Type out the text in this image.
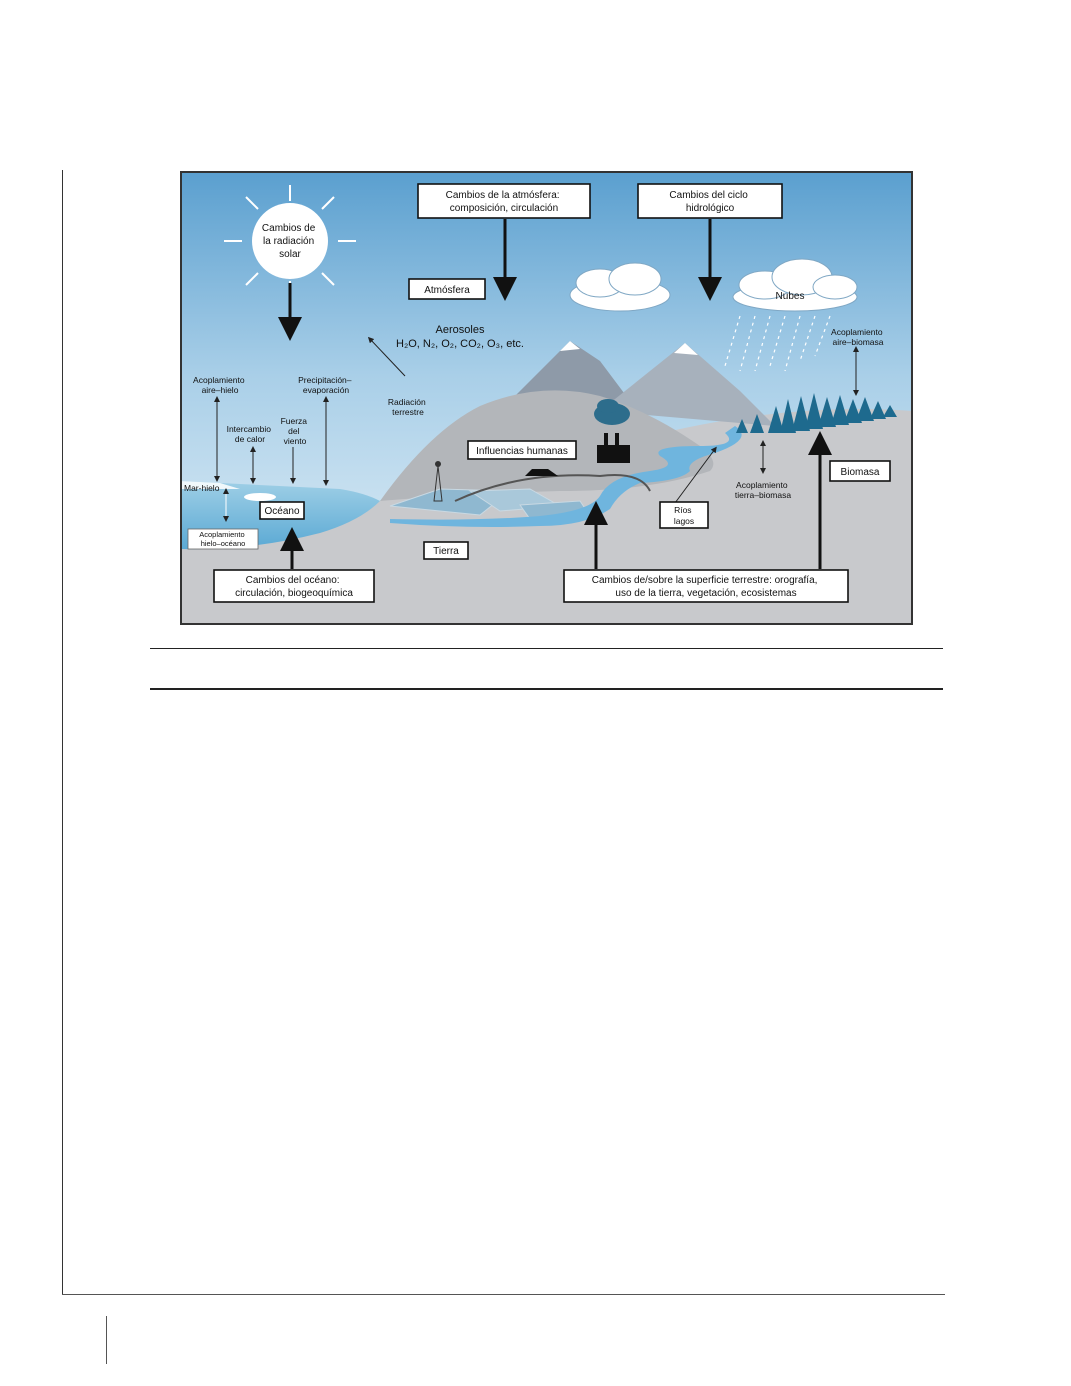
Cambios de la radiación solar
Cambios de la atmósfera: composición, circulación
Cambios del ciclo hidrológico
Atmósfera
Nubes
Aerosoles
H₂O, N₂, O₂, CO₂, O₃, etc.
Acoplamiento aire–biomasa
Acoplamiento aire–hielo
Precipitación– evaporación
Radiación terrestre
Intercambio de calor
Fuerza del viento
Influencias humanas
Biomasa
Acoplamiento tierra–biomasa
Mar-hielo
Océano
Acoplamiento hielo–océano
Ríos lagos
Tierra
Cambios del océano: circulación, biogeoquímica
Cambios de/sobre la superficie terrestre: orografía, uso de la tierra, vegetación, ecosistemas
